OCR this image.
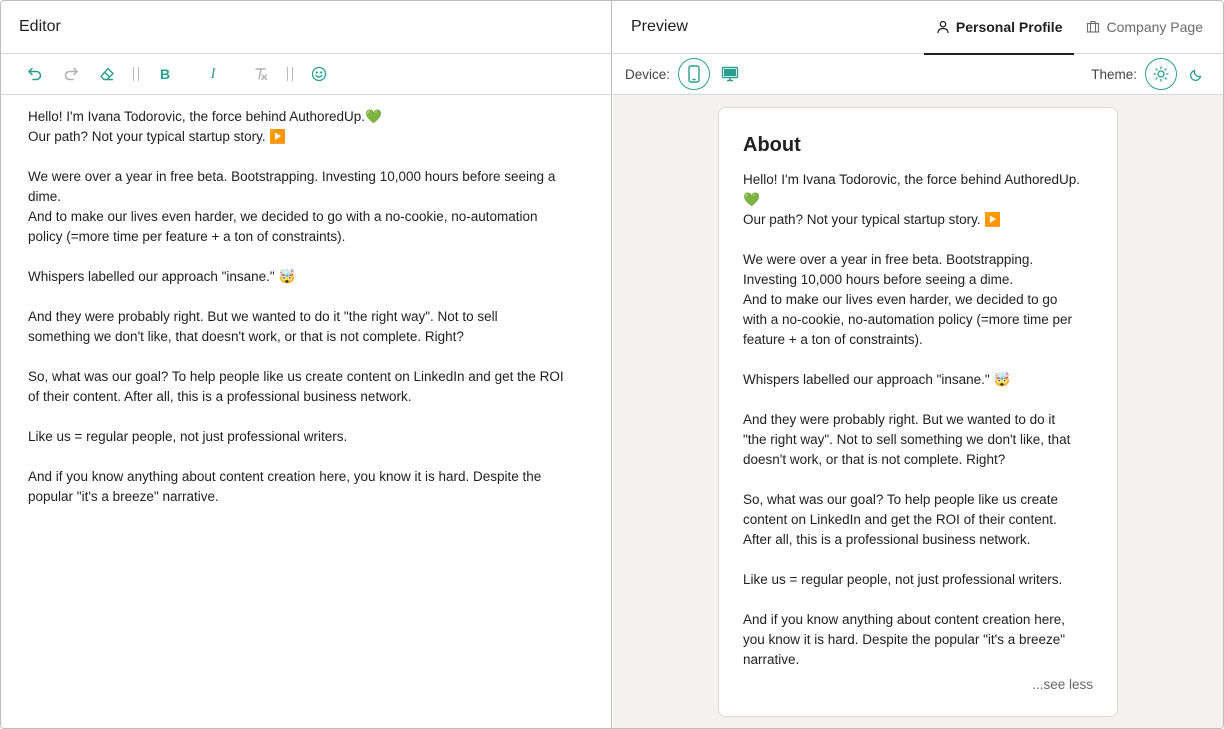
Editor
B	I
Hello! I'm Ivana Todorovic, the force behind AuthoredUp.💚
Our path? Not your typical startup story. ▶️
We were over a year in free beta. Bootstrapping. Investing 10,000 hours before seeing a
dime.
And to make our lives even harder, we decided to go with a no-cookie, no-automation
policy (=more time per feature + a ton of constraints).
Whispers labelled our approach "insane." 🤯
And they were probably right. But we wanted to do it "the right way". Not to sell
something we don't like, that doesn't work, or that is not complete. Right?
So, what was our goal? To help people like us create content on LinkedIn and get the ROI
of their content. After all, this is a professional business network.
Like us = regular people, not just professional writers.
And if you know anything about content creation here, you know it is hard. Despite the
popular "it's a breeze" narrative.
Preview	Personal Profile	Company Page
Device:	Theme:
About
Hello! I'm Ivana Todorovic, the force behind AuthoredUp.
💚
Our path? Not your typical startup story. ▶️
We were over a year in free beta. Bootstrapping.
Investing 10,000 hours before seeing a dime.
And to make our lives even harder, we decided to go
with a no-cookie, no-automation policy (=more time per
feature + a ton of constraints).
Whispers labelled our approach "insane." 🤯
And they were probably right. But we wanted to do it
"the right way". Not to sell something we don't like, that
doesn't work, or that is not complete. Right?
So, what was our goal? To help people like us create
content on LinkedIn and get the ROI of their content.
After all, this is a professional business network.
Like us = regular people, not just professional writers.
And if you know anything about content creation here,
you know it is hard. Despite the popular "it's a breeze"
narrative.
...see less
